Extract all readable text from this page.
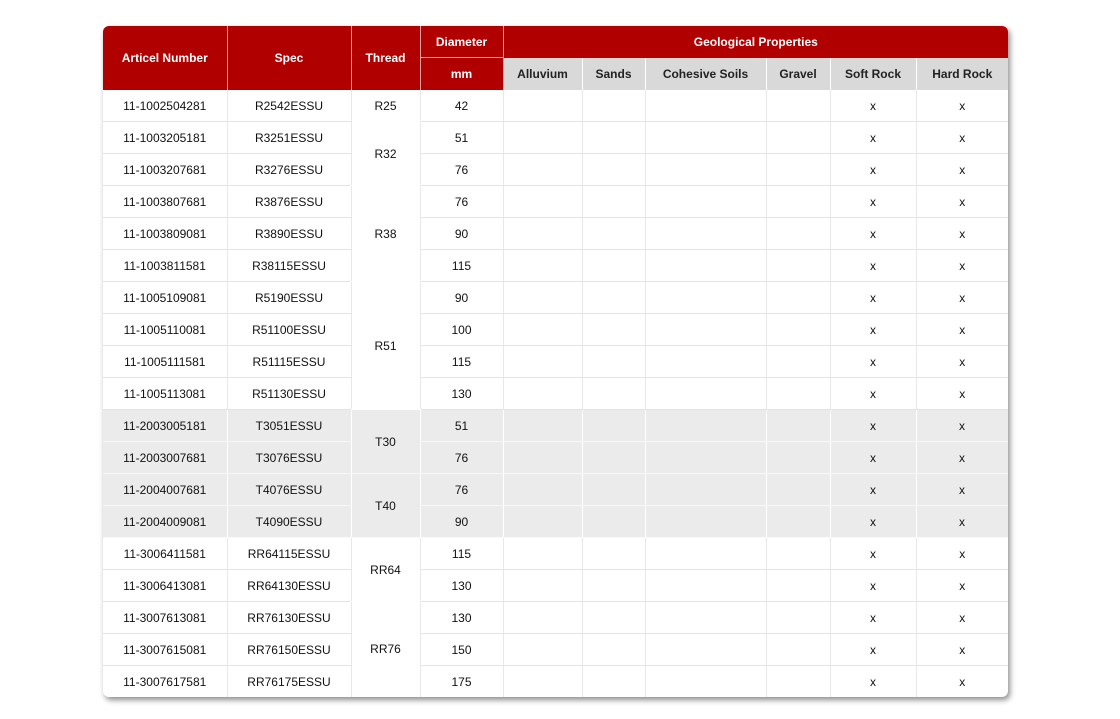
Articel Number	Spec	Thread	Diameter	Geological Properties					
			mm	Alluvium	Sands	Cohesive Soils	Gravel	Soft Rock	Hard Rock
11-1002504281	R2542ESSU	R25	42					x	x
11-1003205181	R3251ESSU	R32	51					x	x
11-1003207681	R3276ESSU		76					x	x
11-1003807681	R3876ESSU	R38	76					x	x
11-1003809081	R3890ESSU		90					x	x
11-1003811581	R38115ESSU		115					x	x
11-1005109081	R5190ESSU	R51	90					x	x
11-1005110081	R51100ESSU		100					x	x
11-1005111581	R51115ESSU		115					x	x
11-1005113081	R51130ESSU		130					x	x
11-2003005181	T3051ESSU	T30	51					x	x
11-2003007681	T3076ESSU		76					x	x
11-2004007681	T4076ESSU	T40	76					x	x
11-2004009081	T4090ESSU		90					x	x
11-3006411581	RR64115ESSU	RR64	115					x	x
11-3006413081	RR64130ESSU		130					x	x
11-3007613081	RR76130ESSU	RR76	130					x	x
11-3007615081	RR76150ESSU		150					x	x
11-3007617581	RR76175ESSU		175					x	x
